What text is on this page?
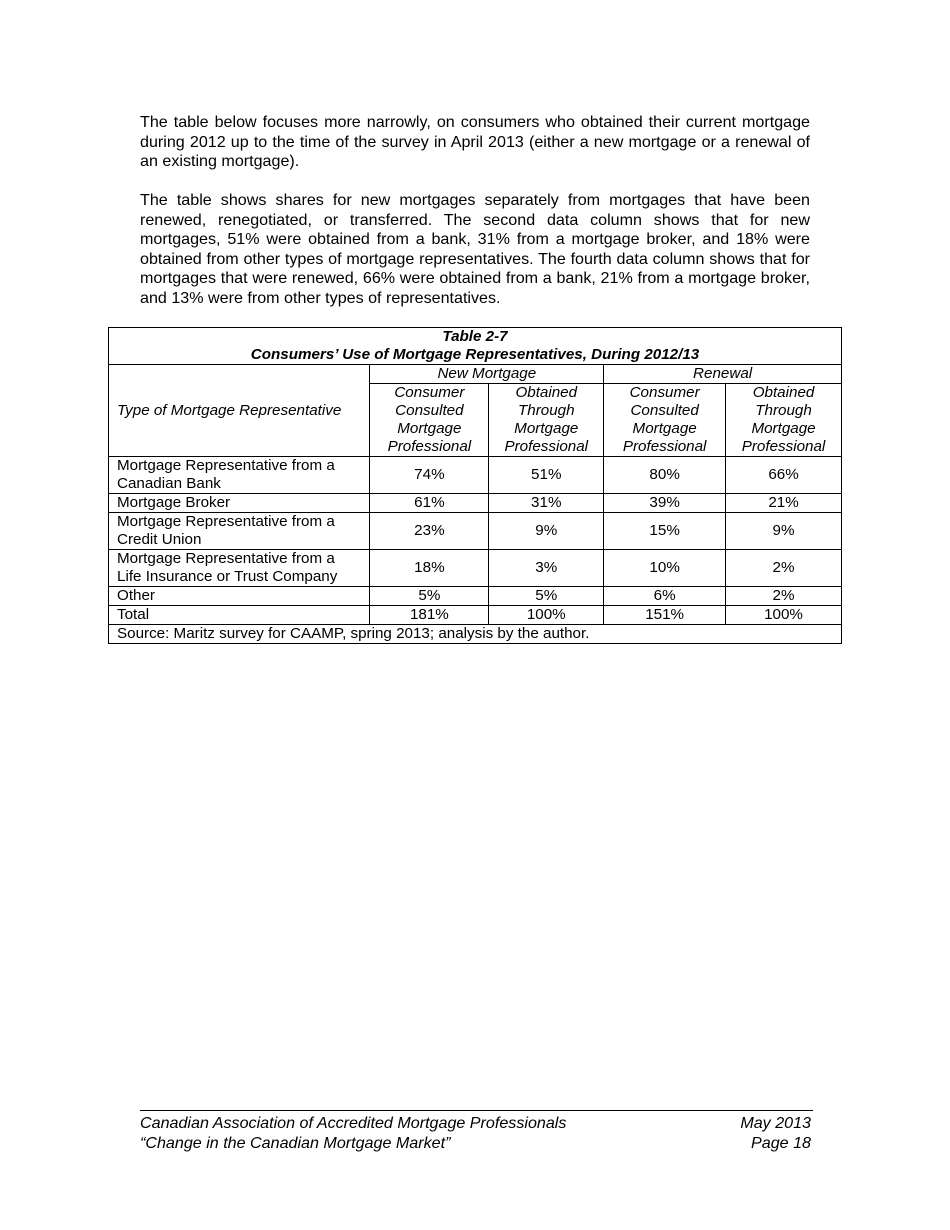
The table below focuses more narrowly, on consumers who obtained their current mortgage during 2012 up to the time of the survey in April 2013 (either a new mortgage or a renewal of an existing mortgage).

The table shows shares for new mortgages separately from mortgages that have been renewed, renegotiated, or transferred. The second data column shows that for new mortgages, 51% were obtained from a bank, 31% from a mortgage broker, and 18% were obtained from other types of mortgage representatives. The fourth data column shows that for mortgages that were renewed, 66% were obtained from a bank, 21% from a mortgage broker, and 13% were from other types of representatives.

Table 2-7
Consumers’ Use of Mortgage Representatives, During 2012/13				

Type of Mortgage Representative	New Mortgage		Renewal	
	Consumer Consulted Mortgage Professional	Obtained Through Mortgage Professional	Consumer Consulted Mortgage Professional	Obtained Through Mortgage Professional
Mortgage Representative from a Canadian Bank	74%	51%	80%	66%
Mortgage Broker	61%	31%	39%	21%
Mortgage Representative from a Credit Union	23%	9%	15%	9%
Mortgage Representative from a Life Insurance or Trust Company	18%	3%	10%	2%
Other	5%	5%	6%	2%
Total	181%	100%	151%	100%
Source: Maritz survey for CAAMP, spring 2013; analysis by the author.				
Canadian Association of Accredited Mortgage Professionals	May 2013
“Change in the Canadian Mortgage Market”	Page 18
